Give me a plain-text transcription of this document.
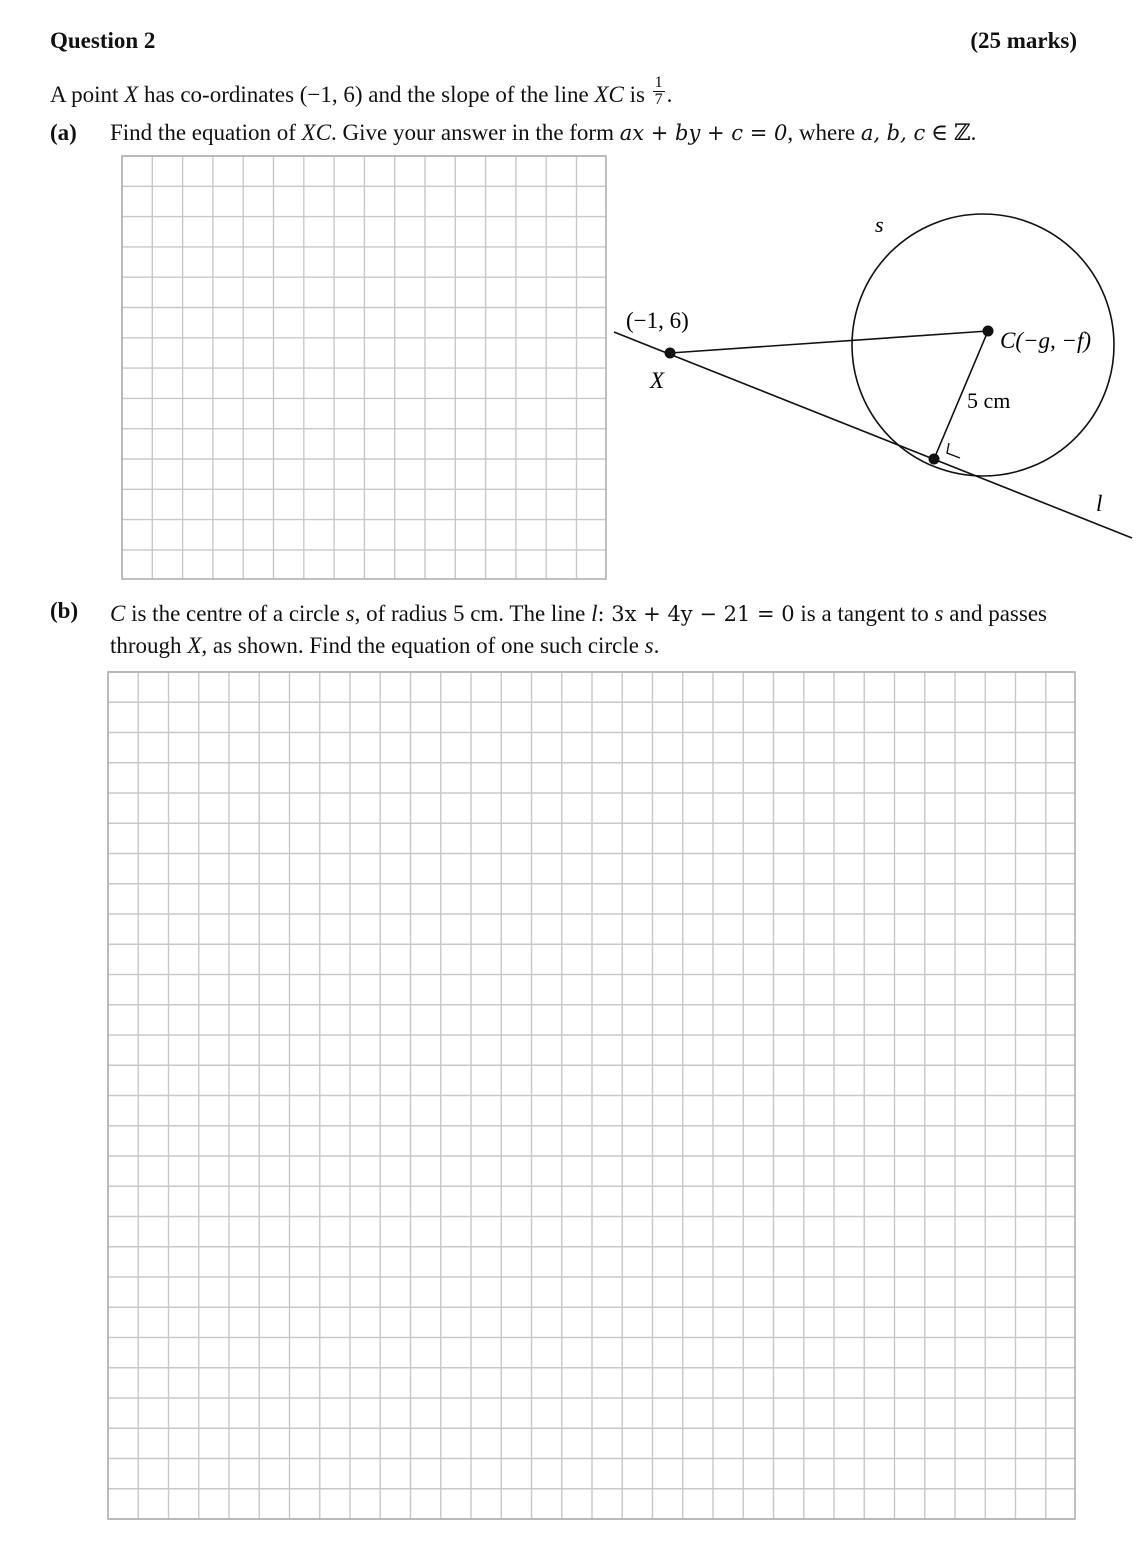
Question 2	(25 marks)
A point X has co-ordinates (−1, 6) and the slope of the line XC is $\frac{1}{7}$ .
(a) Find the equation of XC. Give your answer in the form ax + by + c = 0, where a, b, c ∈ ℤ.
s
(−1, 6)
X
C(−g, −f)
5 cm
l
(b) C is the centre of a circle s, of radius 5 cm. The line l: 3x + 4y − 21 = 0 is a tangent to s and passes through X, as shown. Find the equation of one such circle s.
